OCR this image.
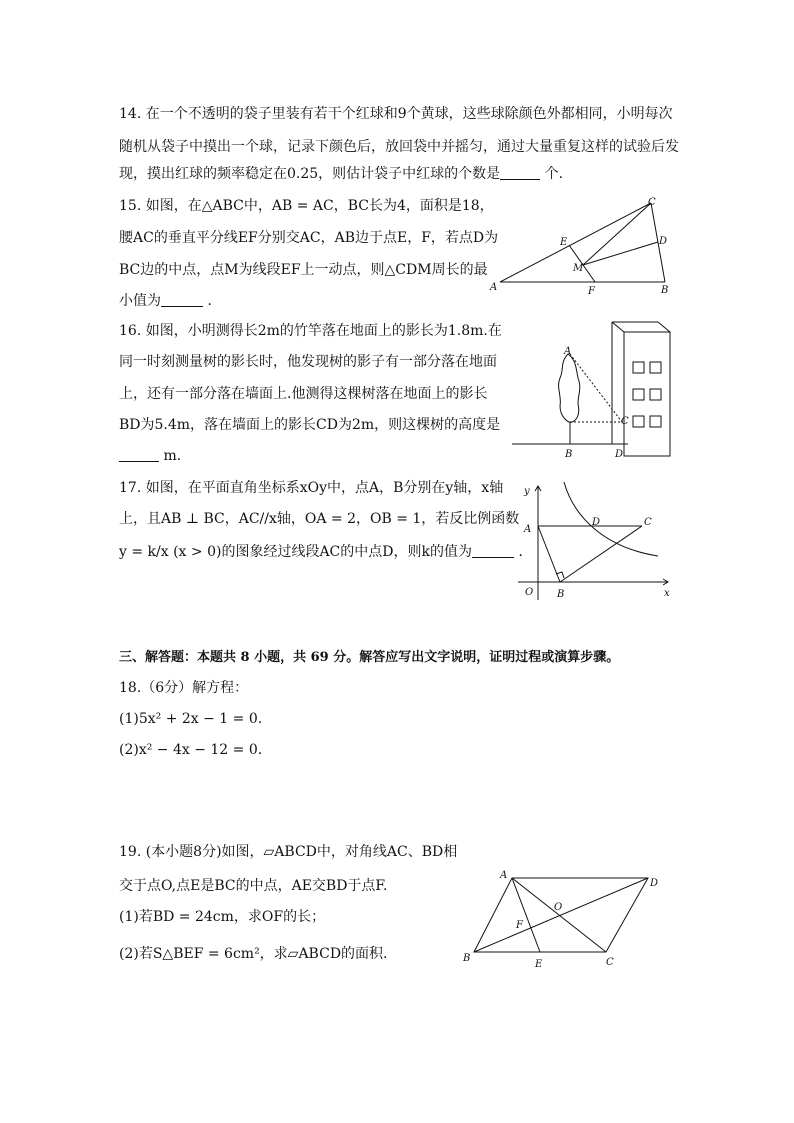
14. 在一个不透明的袋子里装有若干个红球和9个黄球，这些球除颜色外都相同，小明每次
随机从袋子中摸出一个球，记录下颜色后，放回袋中并摇匀，通过大量重复这样的试验后发
现，摸出红球的频率稳定在0.25，则估计袋子中红球的个数是	个.
15. 如图，在△ABC中，AB = AC，BC长为4，面积是18，
腰AC的垂直平分线EF分别交AC，AB边于点E，F，若点D为
BC边的中点，点M为线段EF上一动点，则△CDM周长的最
小值为	．
A	B
C
D
E
F
M
16. 如图，小明测得长2m的竹竿落在地面上的影长为1.8m.在
同一时刻测量树的影长时，他发现树的影子有一部分落在地面
上，还有一部分落在墙面上.他测得这棵树落在地面上的影长
BD为5.4m，落在墙面上的影长CD为2m，则这棵树的高度是
m.
A
B
C
D
17. 如图，在平面直角坐标系xOy中，点A，B分别在y轴，x轴
上，且AB ⊥ BC，AC//x轴，OA = 2，OB = 1，若反比例函数
y = k/x (x > 0)的图象经过线段AC的中点D，则k的值为	．
y
x
A
D	C
O B
三、解答题：本题共 8 小题，共 69 分。解答应写出文字说明，证明过程或演算步骤。
18.（6分）解方程：
(1)5x² + 2x − 1 = 0.
(2)x² − 4x − 12 = 0.
19. (本小题8分)如图，▱ABCD中，对角线AC、BD相
交于点O,点E是BC的中点，AE交BD于点F.
(1)若BD = 24cm，求OF的长；
(2)若S△BEF = 6cm²，求▱ABCD的面积.
A
D
B
E	C
F
O
